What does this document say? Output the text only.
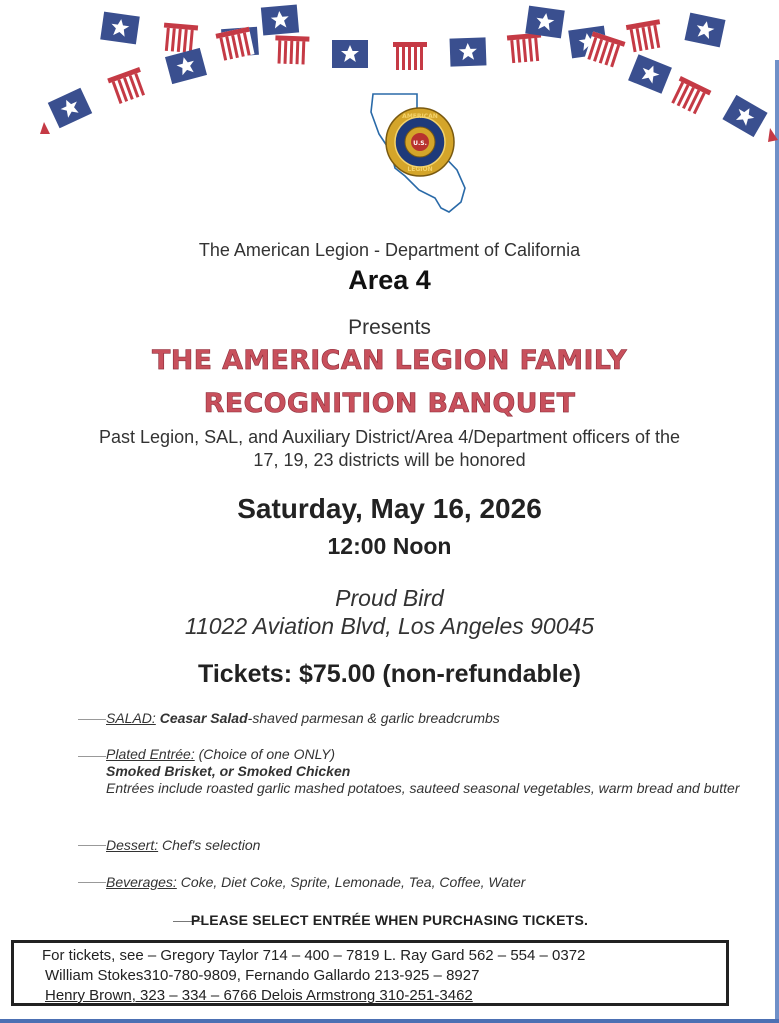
AMERICAN
LEGION
U.S.
The American Legion - Department of California
Area 4
Presents
THE AMERICAN LEGION FAMILY
RECOGNITION BANQUET
Past Legion, SAL, and Auxiliary District/Area 4/Department officers of the
17, 19, 23 districts will be honored
Saturday, May 16, 2026
12:00 Noon
Proud Bird
11022 Aviation Blvd, Los Angeles 90045
Tickets: $75.00 (non-refundable)
SALAD: Ceasar Salad-shaved parmesan & garlic breadcrumbs
Plated Entrée: (Choice of one ONLY)
Smoked Brisket, or Smoked Chicken
Entrées include roasted garlic mashed potatoes, sauteed seasonal vegetables, warm bread and butter
Dessert: Chef's selection
Beverages: Coke, Diet Coke, Sprite, Lemonade, Tea, Coffee, Water
PLEASE SELECT ENTRÉE WHEN PURCHASING TICKETS.
For tickets, see – Gregory Taylor 714 – 400 – 7819 L. Ray Gard 562 – 554 – 0372
William Stokes310-780-9809, Fernando Gallardo 213-925 – 8927
Henry Brown, 323 – 334 – 6766 Delois Armstrong 310-251-3462
